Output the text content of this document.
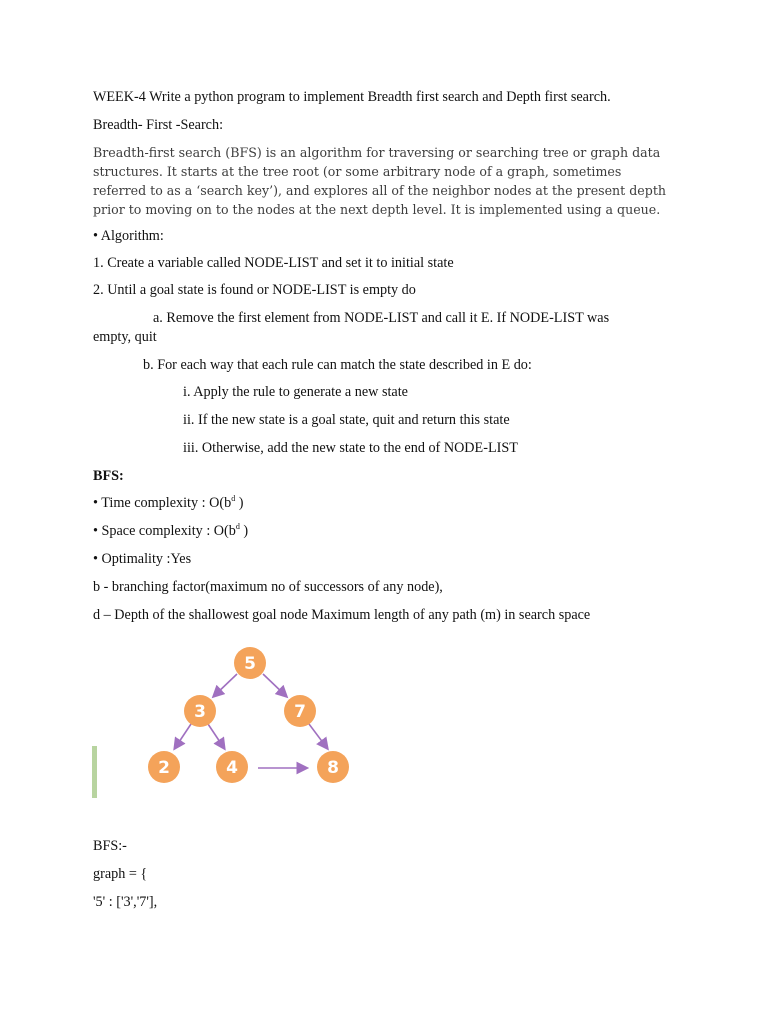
WEEK-4 Write a python program to implement Breadth first search and Depth first search.
Breadth- First -Search:
Breadth-first search (BFS) is an algorithm for traversing or searching tree or graph data structures. It starts at the tree root (or some arbitrary node of a graph, sometimes referred to as a ‘search key’), and explores all of the neighbor nodes at the present depth prior to moving on to the nodes at the next depth level. It is implemented using a queue.
• Algorithm:
1. Create a variable called NODE-LIST and set it to initial state
2. Until a goal state is found or NODE-LIST is empty do
a. Remove the first element from NODE-LIST and call it E. If NODE-LIST was
empty, quit
b. For each way that each rule can match the state described in E do:
i. Apply the rule to generate a new state
ii. If the new state is a goal state, quit and return this state
iii. Otherwise, add the new state to the end of NODE-LIST
BFS:
• Time complexity : $O(b^d$ )
• Space complexity : $O(b^d$ )
• Optimality :Yes
b - branching factor(maximum no of successors of any node),
d – Depth of the shallowest goal node Maximum length of any path (m) in search space
5
3	7
2	4	8
BFS:-
graph = {
'5' : ['3','7'],
